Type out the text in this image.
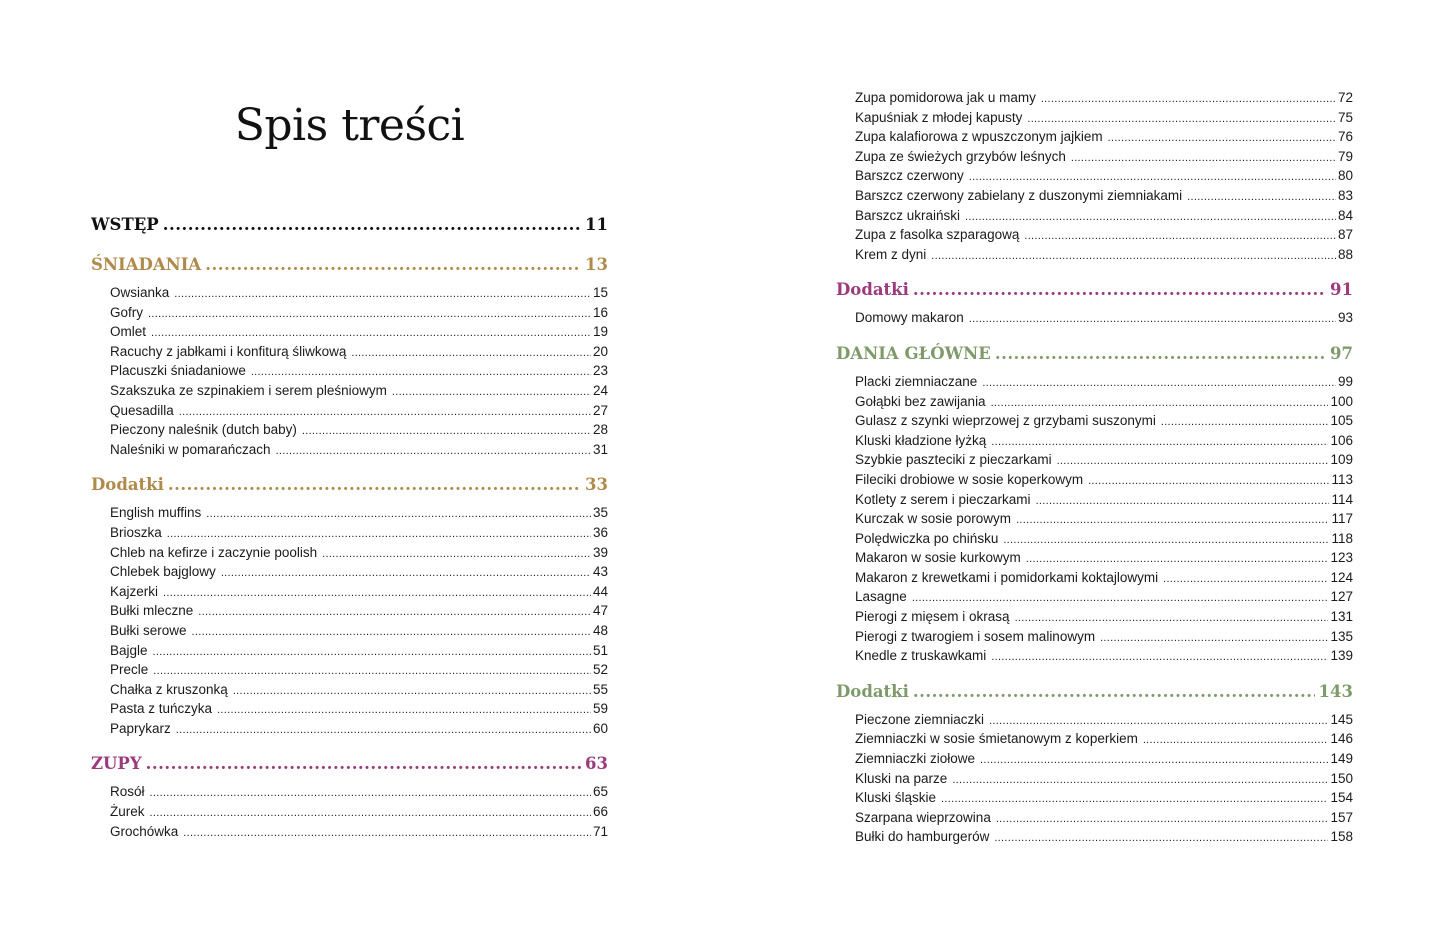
Spis treści
WSTĘP .....	11
ŚNIADANIA .....	13
Owsianka .....	15
Gofry .....	16
Omlet .....	19
Racuchy z jabłkami i konfiturą śliwkową .....	20
Placuszki śniadaniowe .....	23
Szakszuka ze szpinakiem i serem pleśniowym .....	24
Quesadilla .....	27
Pieczony naleśnik (dutch baby) .....	28
Naleśniki w pomarańczach .....	31
Dodatki .....	33
English muffins .....	35
Brioszka .....	36
Chleb na kefirze i zaczynie poolish .....	39
Chlebek bajglowy .....	43
Kajzerki .....	44
Bułki mleczne .....	47
Bułki serowe .....	48
Bajgle .....	51
Precle .....	52
Chałka z kruszonką .....	55
Pasta z tuńczyka .....	59
Paprykarz .....	60
ZUPY .....	63
Rosół .....	65
Żurek .....	66
Grochówka .....	71
Zupa pomidorowa jak u mamy .....	72
Kapuśniak z młodej kapusty .....	75
Zupa kalafiorowa z wpuszczonym jajkiem .....	76
Zupa ze świeżych grzybów leśnych .....	79
Barszcz czerwony .....	80
Barszcz czerwony zabielany z duszonymi ziemniakami .....	83
Barszcz ukraiński .....	84
Zupa z fasolka szparagową .....	87
Krem z dyni .....	88
Dodatki .....	91
Domowy makaron .....	93
DANIA GŁÓWNE .....	97
Placki ziemniaczane .....	99
Gołąbki bez zawijania .....	100
Gulasz z szynki wieprzowej z grzybami suszonymi .....	105
Kluski kładzione łyżką .....	106
Szybkie paszteciki z pieczarkami .....	109
Fileciki drobiowe w sosie koperkowym .....	113
Kotlety z serem i pieczarkami .....	114
Kurczak w sosie porowym .....	117
Polędwiczka po chińsku .....	118
Makaron w sosie kurkowym .....	123
Makaron z krewetkami i pomidorkami koktajlowymi .....	124
Lasagne .....	127
Pierogi z mięsem i okrasą .....	131
Pierogi z twarogiem i sosem malinowym .....	135
Knedle z truskawkami .....	139
Dodatki .....	143
Pieczone ziemniaczki .....	145
Ziemniaczki w sosie śmietanowym z koperkiem .....	146
Ziemniaczki ziołowe .....	149
Kluski na parze .....	150
Kluski śląskie .....	154
Szarpana wieprzowina .....	157
Bułki do hamburgerów .....	158
